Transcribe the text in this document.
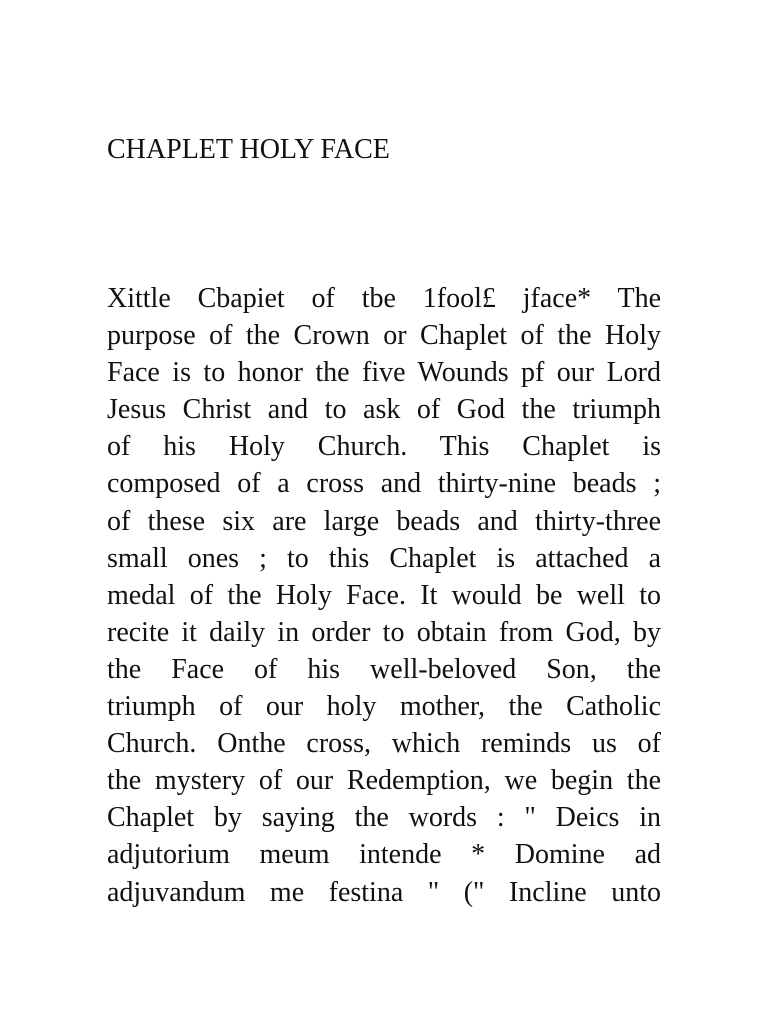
CHAPLET HOLY FACE
Xittle Cbapiet of tbe 1fool£ jface* The
purpose of the Crown or Chaplet of the Holy
Face is to honor the five Wounds pf our Lord
Jesus Christ and to ask of God the triumph
of his Holy Church. This Chaplet is
composed of a cross and thirty-nine beads ;
of these six are large beads and thirty-three
small ones ; to this Chaplet is attached a
medal of the Holy Face. It would be well to
recite it daily in order to obtain from God, by
the Face of his well-beloved Son, the
triumph of our holy mother, the Catholic
Church. Onthe cross, which reminds us of
the mystery of our Redemption, we begin the
Chaplet by saying the words : " Deics in
adjutorium meum intende * Domine ad
adjuvandum me festina " (" Incline unto
